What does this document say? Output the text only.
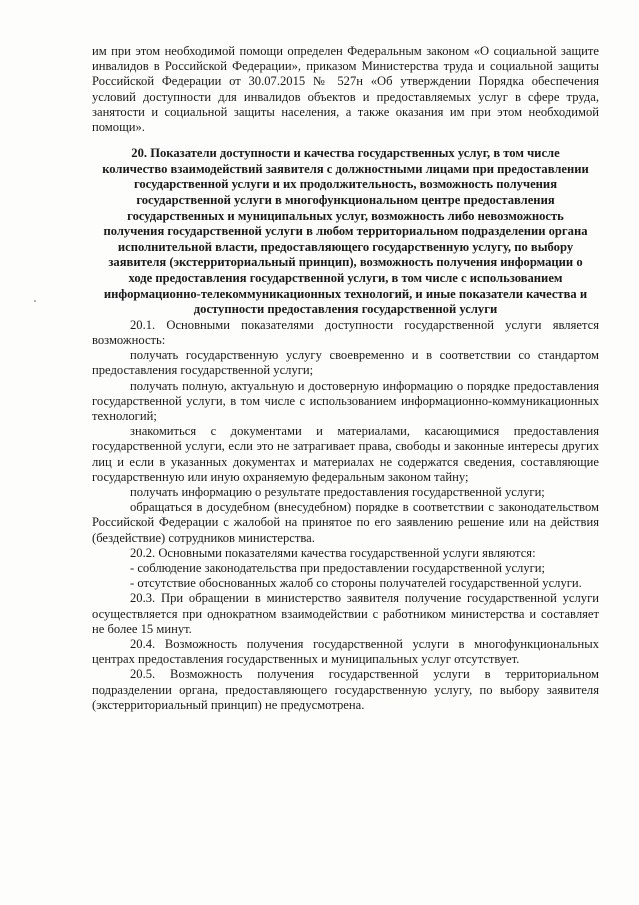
им при этом необходимой помощи определен Федеральным законом «О социальной защите инвалидов в Российской Федерации», приказом Министерства труда и социальной защиты Российской Федерации от 30.07.2015 № 527н «Об утверждении Порядка обеспечения условий доступности для инвалидов объектов и предоставляемых услуг в сфере труда, занятости и социальной защиты населения, а также оказания им при этом необходимой помощи».

20. Показатели доступности и качества государственных услуг, в том числе количество взаимодействий заявителя с должностными лицами при предоставлении государственной услуги и их продолжительность, возможность получения государственной услуги в многофункциональном центре предоставления государственных и муниципальных услуг, возможность либо невозможность получения государственной услуги в любом территориальном подразделении органа исполнительной власти, предоставляющего государственную услугу, по выбору заявителя (экстерриториальный принцип), возможность получения информации о ходе предоставления государственной услуги, в том числе с использованием информационно-телекоммуникационных технологий, и иные показатели качества и доступности предоставления государственной услуги

20.1. Основными показателями доступности государственной услуги является возможность:

получать государственную услугу своевременно и в соответствии со стандартом предоставления государственной услуги;

получать полную, актуальную и достоверную информацию о порядке предоставления государственной услуги, в том числе с использованием информационно-коммуникационных технологий;

знакомиться с документами и материалами, касающимися предоставления государственной услуги, если это не затрагивает права, свободы и законные интересы других лиц и если в указанных документах и материалах не содержатся сведения, составляющие государственную или иную охраняемую федеральным законом тайну;

получать информацию о результате предоставления государственной услуги;

обращаться в досудебном (внесудебном) порядке в соответствии с законодательством Российской Федерации с жалобой на принятое по его заявлению решение или на действия (бездействие) сотрудников министерства.

20.2. Основными показателями качества государственной услуги являются:

- соблюдение законодательства при предоставлении государственной услуги;

- отсутствие обоснованных жалоб со стороны получателей государственной услуги.

20.3. При обращении в министерство заявителя получение государственной услуги осуществляется при однократном взаимодействии с работником министерства и составляет не более 15 минут.

20.4. Возможность получения государственной услуги в многофункциональных центрах предоставления государственных и муниципальных услуг отсутствует.

20.5. Возможность получения государственной услуги в территориальном подразделении органа, предоставляющего государственную услугу, по выбору заявителя (экстерриториальный принцип) не предусмотрена.
